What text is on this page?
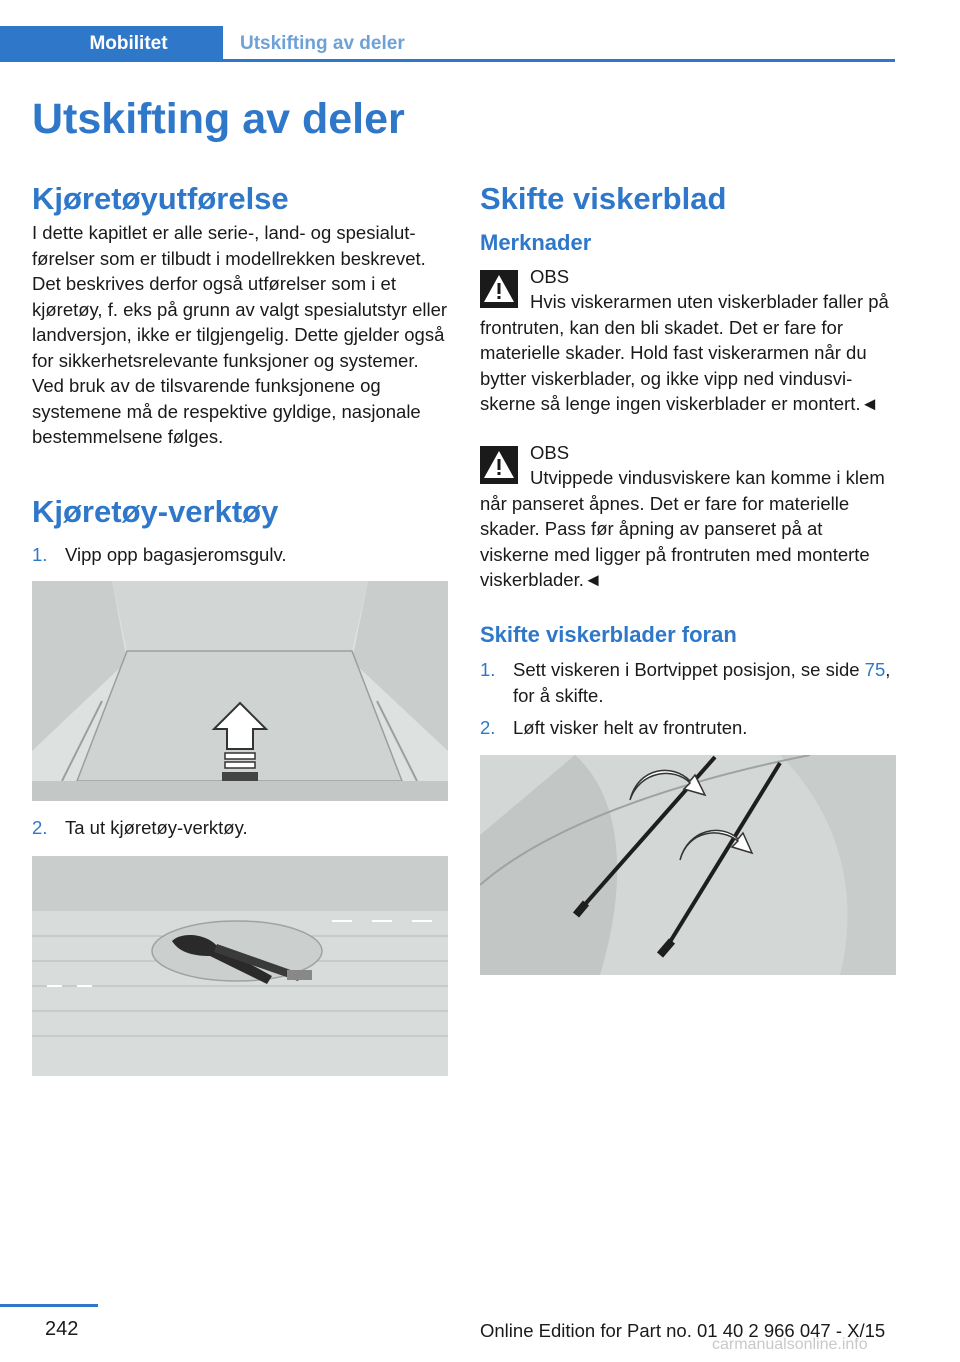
Mobilitet	Utskifting av deler
Utskifting av deler
Kjøretøyutførelse

I dette kapitlet er alle serie-, land- og spesialutførelser som er tilbudt i modellrekken beskrevet. Det beskrives derfor også utførelser som i et kjøretøy, f. eks på grunn av valgt spesialutstyr eller landversjon, ikke er tilgjengelig. Dette gjelder også for sikkerhetsrelevante funksjoner og systemer. Ved bruk av de tilsvarende funksjonene og systemene må de respektive gyldige, nasjonale bestemmelsene følges.

Kjøretøy-verktøy
1. Vipp opp bagasjeromsgulv.
2. Ta ut kjøretøy-verktøy.
Skifte viskerblad
Merknader

OBS

Hvis viskerarmen uten viskerblader faller på frontruten, kan den bli skadet. Det er fare for materielle skader. Hold fast viskerarmen når du bytter viskerblader, og ikke vipp ned vindusviskerne så lenge ingen viskerblader er montert.◄

OBS

Utvippede vindusviskere kan komme i klem når panseret åpnes. Det er fare for materielle skader. Pass før åpning av panseret på at viskerne med ligger på frontruten med monterte viskerblader.◄

Skifte viskerblader foran
1. Sett viskeren i Bortvippet posisjon, se side 75, for å skifte.
2. Løft visker helt av frontruten.
242	Online Edition for Part no. 01 40 2 966 047 - X/15
carmanualsonline.info
